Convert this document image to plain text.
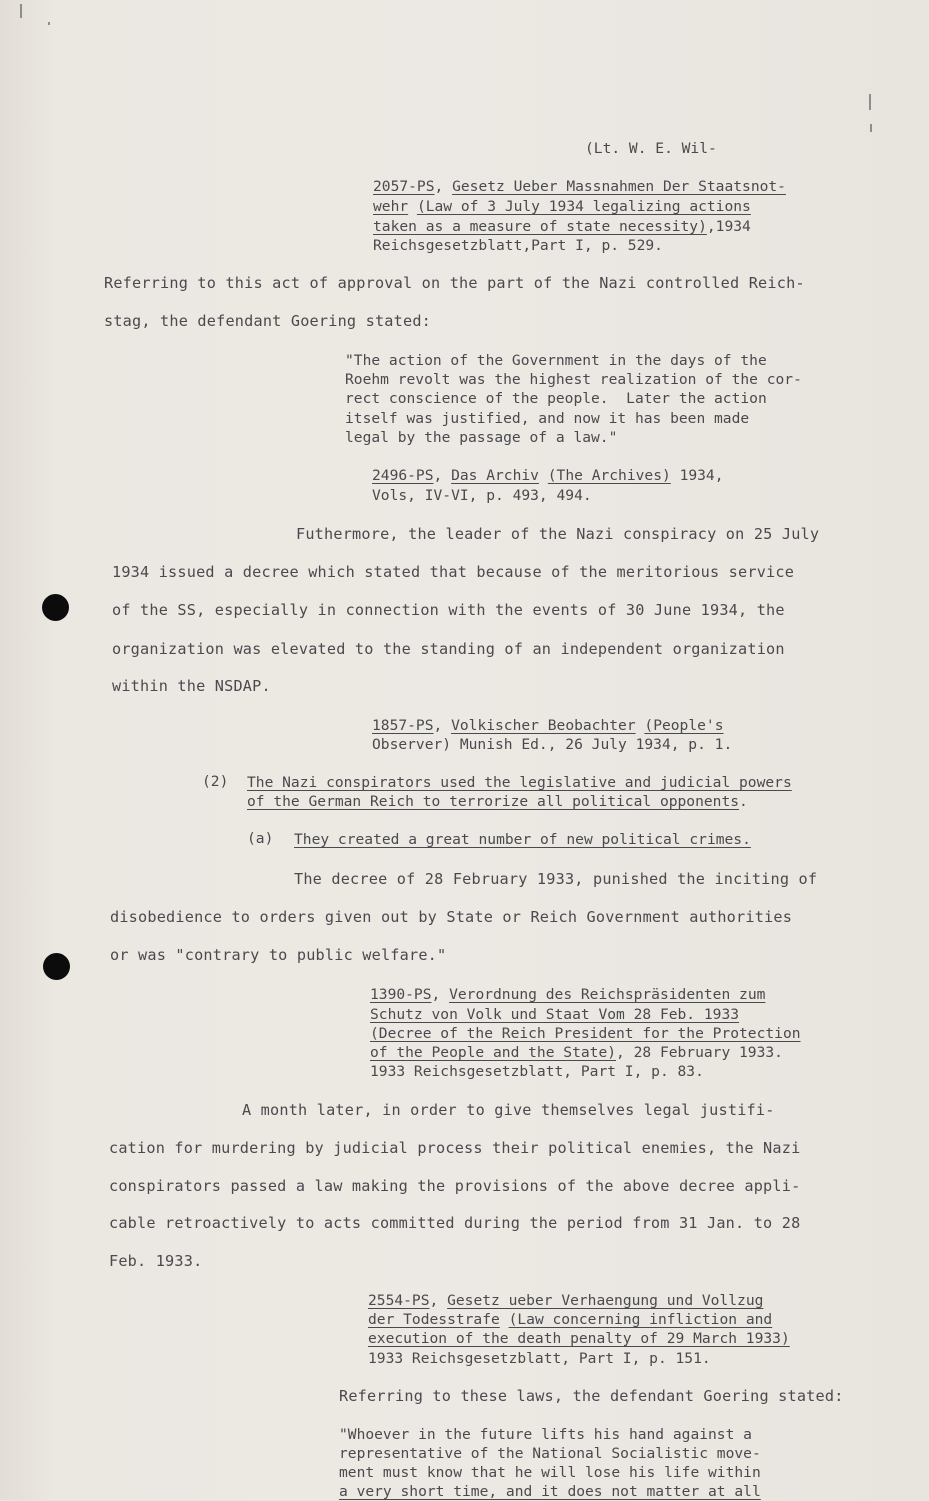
(Lt. W. E. Wil-
2057-PS, Gesetz Ueber Massnahmen Der Staatsnot-
wehr (Law of 3 July 1934 legalizing actions
taken as a measure of state necessity),1934
Reichsgesetzblatt,Part I, p. 529.
Referring to this act of approval on the part of the Nazi controlled Reich-
stag, the defendant Goering stated:
"The action of the Government in the days of the
Roehm revolt was the highest realization of the cor-
rect conscience of the people.  Later the action
itself was justified, and now it has been made
legal by the passage of a law."
2496-PS, Das Archiv (The Archives) 1934,
Vols, IV-VI, p. 493, 494.
Futhermore, the leader of the Nazi conspiracy on 25 July
1934 issued a decree which stated that because of the meritorious service
of the SS, especially in connection with the events of 30 June 1934, the
organization was elevated to the standing of an independent organization
within the NSDAP.
1857-PS, Volkischer Beobachter (People's
Observer) Munish Ed., 26 July 1934, p. 1.
(2) The Nazi conspirators used the legislative and judicial powers
of the German Reich to terrorize all political opponents.
(a) They created a great number of new political crimes.
The decree of 28 February 1933, punished the inciting of
disobedience to orders given out by State or Reich Government authorities
or was "contrary to public welfare."
1390-PS, Verordnung des Reichspräsidenten zum
Schutz von Volk und Staat Vom 28 Feb. 1933
(Decree of the Reich President for the Protection
of the People and the State), 28 February 1933.
1933 Reichsgesetzblatt, Part I, p. 83.
A month later, in order to give themselves legal justifi-
cation for murdering by judicial process their political enemies, the Nazi
conspirators passed a law making the provisions of the above decree appli-
cable retroactively to acts committed during the period from 31 Jan. to 28
Feb. 1933.
2554-PS, Gesetz ueber Verhaengung und Vollzug
der Todesstrafe (Law concerning infliction and
execution of the death penalty of 29 March 1933)
1933 Reichsgesetzblatt, Part I, p. 151.
Referring to these laws, the defendant Goering stated:
"Whoever in the future lifts his hand against a
representative of the National Socialistic move-
ment must know that he will lose his life within
a very short time, and it does not matter at all
